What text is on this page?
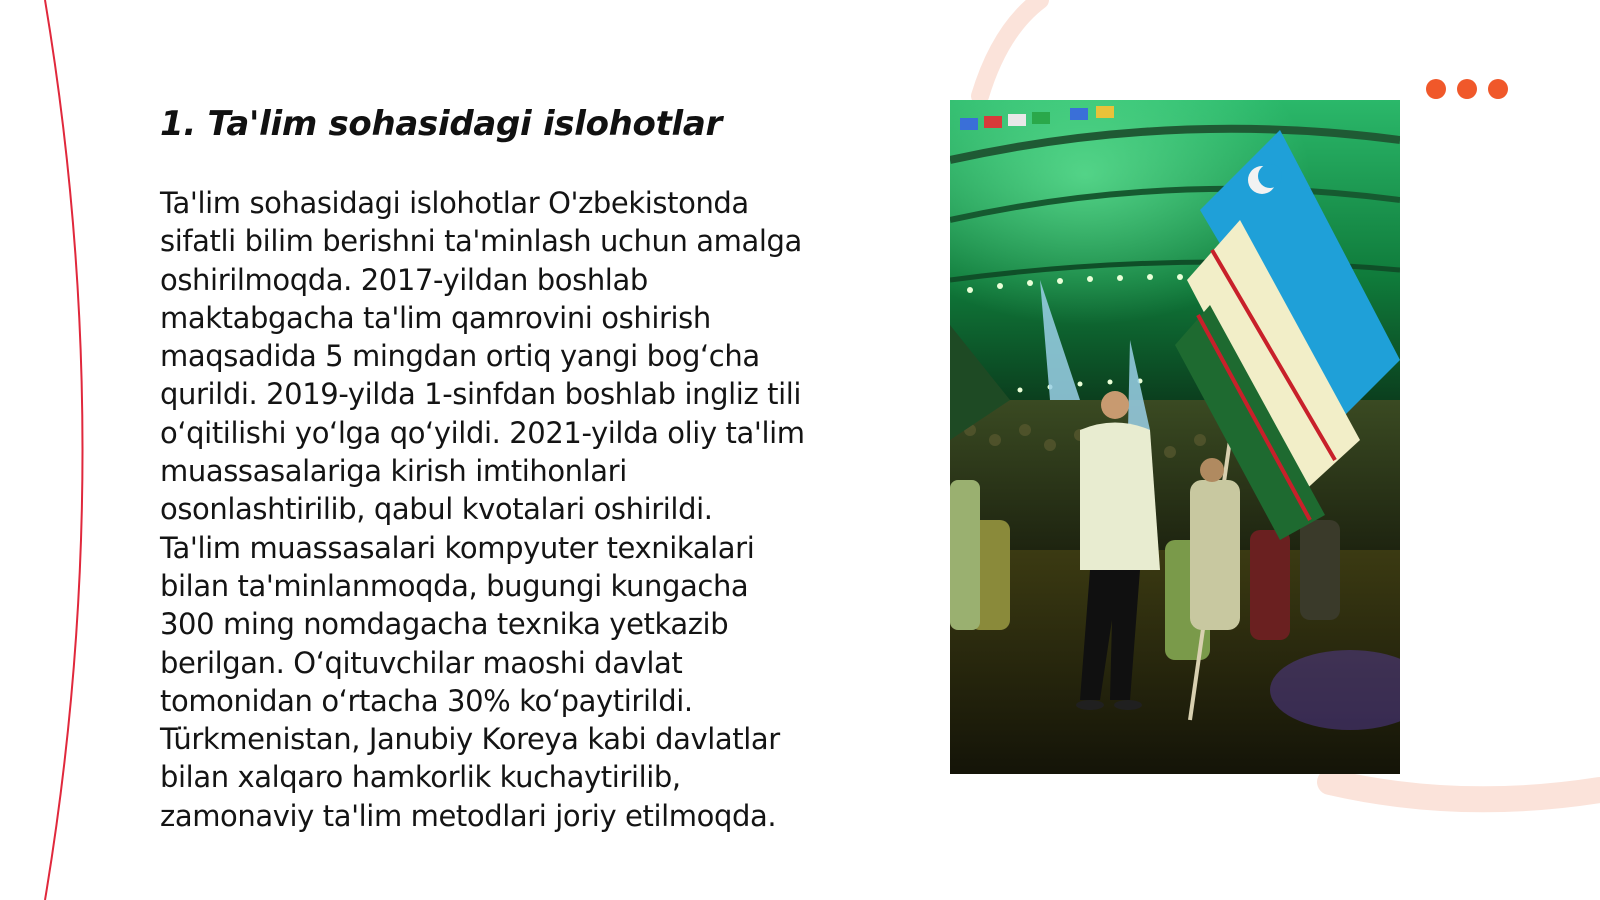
1. Ta'lim sohasidagi islohotlar

Ta'lim sohasidagi islohotlar O'zbekistonda
sifatli bilim berishni ta'minlash uchun amalga
oshirilmoqda. 2017-yildan boshlab
maktabgacha ta'lim qamrovini oshirish
maqsadida 5 mingdan ortiq yangi bog‘cha
qurildi. 2019-yilda 1-sinfdan boshlab ingliz tili
o‘qitilishi yo‘lga qo‘yildi. 2021-yilda oliy ta'lim
muassasalariga kirish imtihonlari
osonlashtirilib, qabul kvotalari oshirildi.
Ta'lim muassasalari kompyuter texnikalari
bilan ta'minlanmoqda, bugungi kungacha
300 ming nomdagacha texnika yetkazib
berilgan. O‘qituvchilar maoshi davlat
tomonidan o‘rtacha 30% ko‘paytirildi.
Türkmenistan, Janubiy Koreya kabi davlatlar
bilan xalqaro hamkorlik kuchaytirilib,
zamonaviy ta'lim metodlari joriy etilmoqda.
